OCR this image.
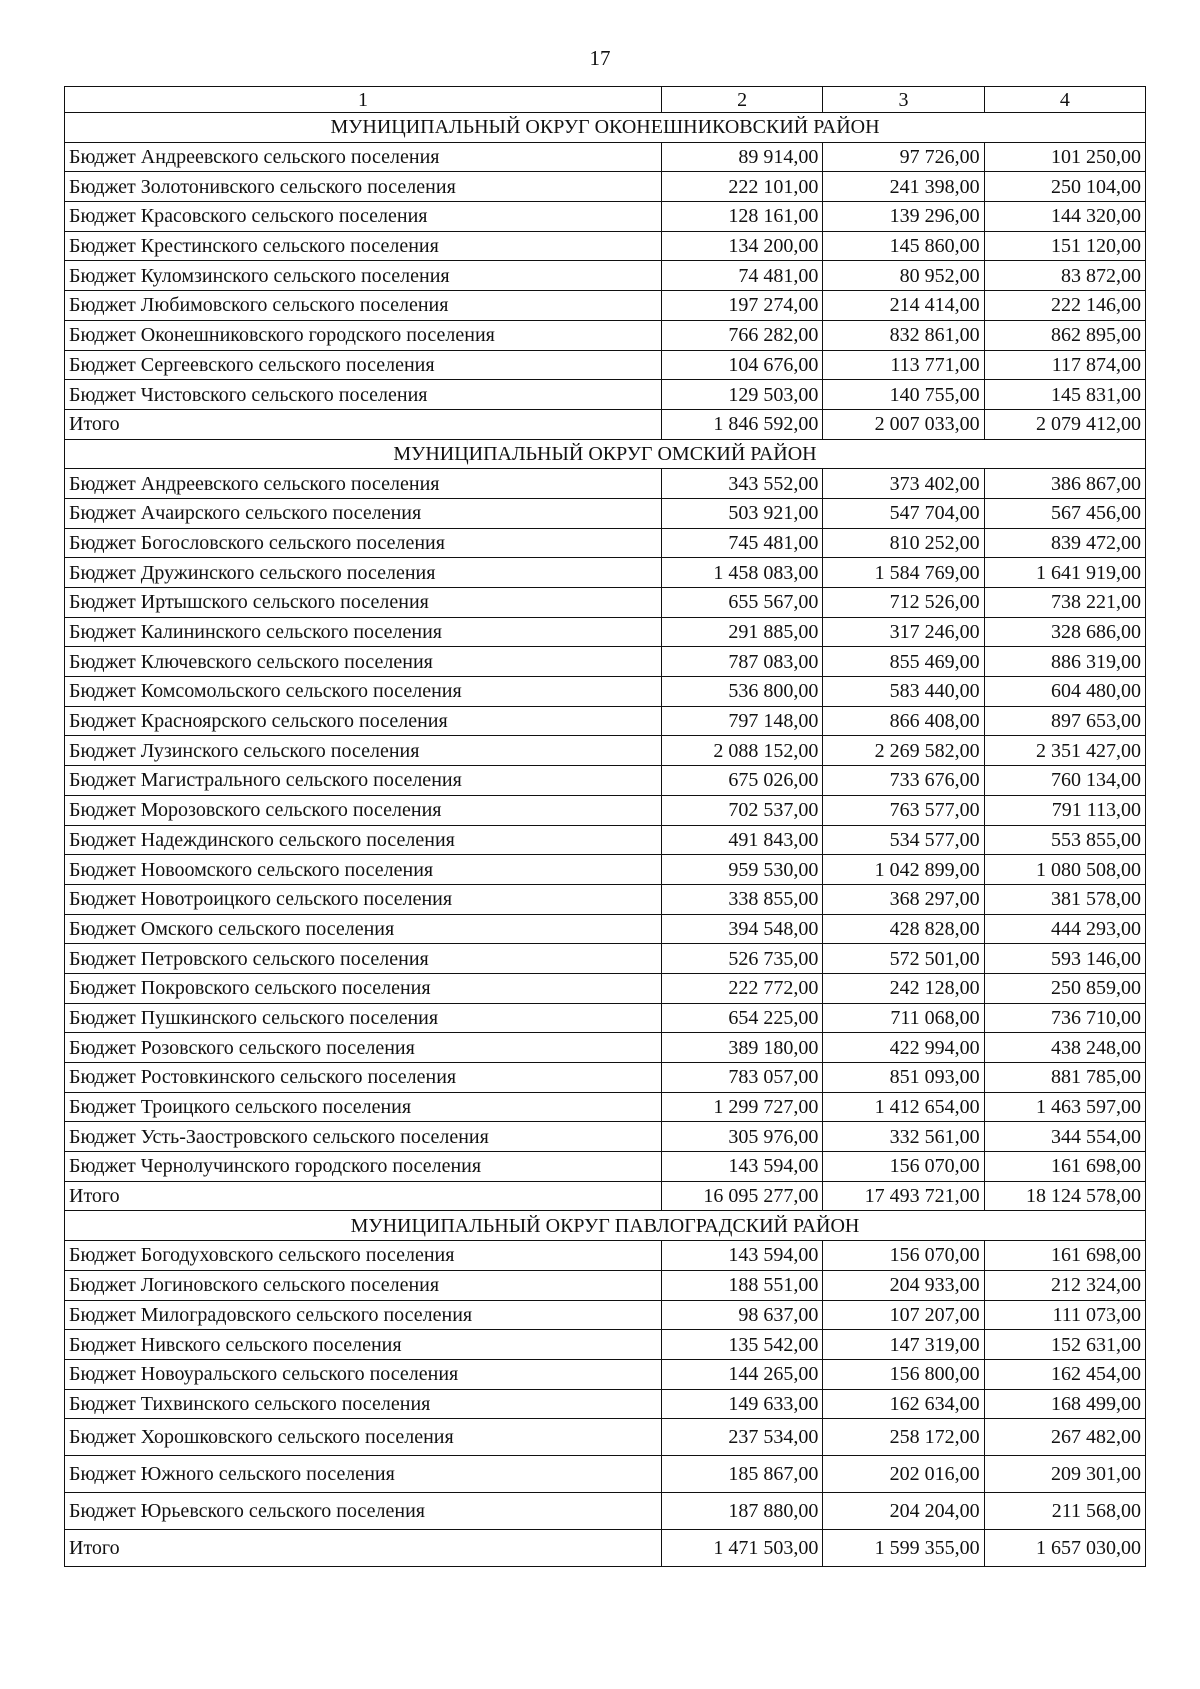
17
1	2	3	4
МУНИЦИПАЛЬНЫЙ ОКРУГ ОКОНЕШНИКОВСКИЙ РАЙОН			
Бюджет Андреевского сельского поселения	89 914,00	97 726,00	101 250,00
Бюджет Золотонивского сельского поселения	222 101,00	241 398,00	250 104,00
Бюджет Красовского сельского поселения	128 161,00	139 296,00	144 320,00
Бюджет Крестинского сельского поселения	134 200,00	145 860,00	151 120,00
Бюджет Куломзинского сельского поселения	74 481,00	80 952,00	83 872,00
Бюджет Любимовского сельского поселения	197 274,00	214 414,00	222 146,00
Бюджет Оконешниковского городского поселения	766 282,00	832 861,00	862 895,00
Бюджет Сергеевского сельского поселения	104 676,00	113 771,00	117 874,00
Бюджет Чистовского сельского поселения	129 503,00	140 755,00	145 831,00
Итого	1 846 592,00	2 007 033,00	2 079 412,00
МУНИЦИПАЛЬНЫЙ ОКРУГ ОМСКИЙ РАЙОН			
Бюджет Андреевского сельского поселения	343 552,00	373 402,00	386 867,00
Бюджет Ачаирского сельского поселения	503 921,00	547 704,00	567 456,00
Бюджет Богословского сельского поселения	745 481,00	810 252,00	839 472,00
Бюджет Дружинского сельского поселения	1 458 083,00	1 584 769,00	1 641 919,00
Бюджет Иртышского сельского поселения	655 567,00	712 526,00	738 221,00
Бюджет Калининского сельского поселения	291 885,00	317 246,00	328 686,00
Бюджет Ключевского сельского поселения	787 083,00	855 469,00	886 319,00
Бюджет Комсомольского сельского поселения	536 800,00	583 440,00	604 480,00
Бюджет Красноярского сельского поселения	797 148,00	866 408,00	897 653,00
Бюджет Лузинского сельского поселения	2 088 152,00	2 269 582,00	2 351 427,00
Бюджет Магистрального сельского поселения	675 026,00	733 676,00	760 134,00
Бюджет Морозовского сельского поселения	702 537,00	763 577,00	791 113,00
Бюджет Надеждинского сельского поселения	491 843,00	534 577,00	553 855,00
Бюджет Новоомского сельского поселения	959 530,00	1 042 899,00	1 080 508,00
Бюджет Новотроицкого сельского поселения	338 855,00	368 297,00	381 578,00
Бюджет Омского сельского поселения	394 548,00	428 828,00	444 293,00
Бюджет Петровского сельского поселения	526 735,00	572 501,00	593 146,00
Бюджет Покровского сельского поселения	222 772,00	242 128,00	250 859,00
Бюджет Пушкинского сельского поселения	654 225,00	711 068,00	736 710,00
Бюджет Розовского сельского поселения	389 180,00	422 994,00	438 248,00
Бюджет Ростовкинского сельского поселения	783 057,00	851 093,00	881 785,00
Бюджет Троицкого сельского поселения	1 299 727,00	1 412 654,00	1 463 597,00
Бюджет Усть-Заостровского сельского поселения	305 976,00	332 561,00	344 554,00
Бюджет Чернолучинского городского поселения	143 594,00	156 070,00	161 698,00
Итого	16 095 277,00	17 493 721,00	18 124 578,00
МУНИЦИПАЛЬНЫЙ ОКРУГ ПАВЛОГРАДСКИЙ РАЙОН			
Бюджет Богодуховского сельского поселения	143 594,00	156 070,00	161 698,00
Бюджет Логиновского сельского поселения	188 551,00	204 933,00	212 324,00
Бюджет Милоградовского сельского поселения	98 637,00	107 207,00	111 073,00
Бюджет Нивского сельского поселения	135 542,00	147 319,00	152 631,00
Бюджет Новоуральского сельского поселения	144 265,00	156 800,00	162 454,00
Бюджет Тихвинского сельского поселения	149 633,00	162 634,00	168 499,00
Бюджет Хорошковского сельского поселения	237 534,00	258 172,00	267 482,00
Бюджет Южного сельского поселения	185 867,00	202 016,00	209 301,00
Бюджет Юрьевского сельского поселения	187 880,00	204 204,00	211 568,00
Итого	1 471 503,00	1 599 355,00	1 657 030,00
